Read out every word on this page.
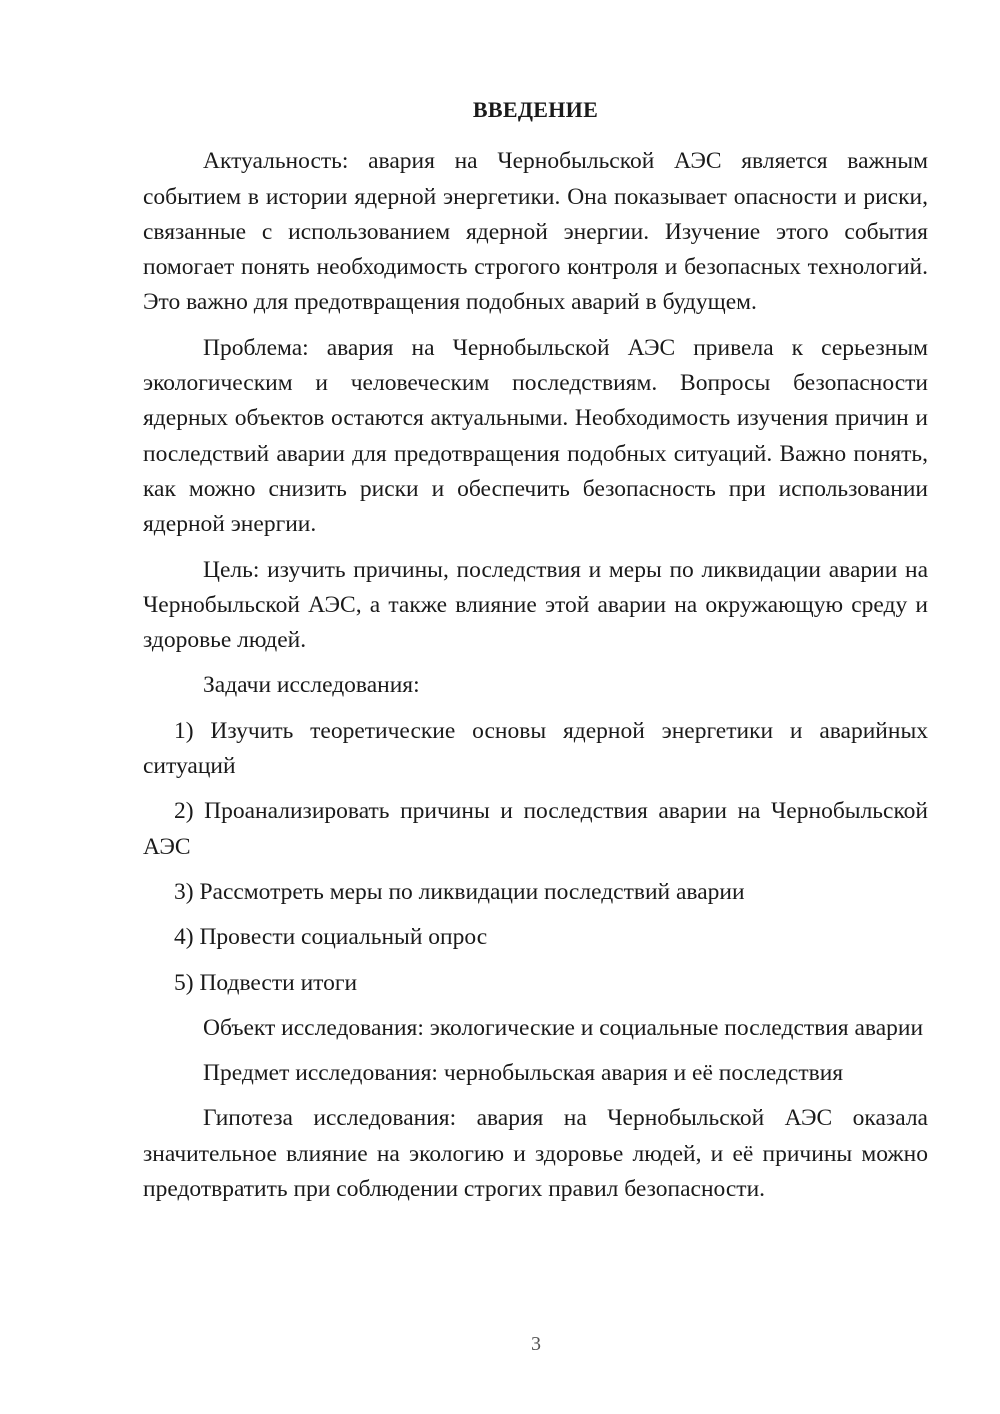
ВВЕДЕНИЕ

Актуальность: авария на Чернобыльской АЭС является важным событием в истории ядерной энергетики. Она показывает опасности и риски, связанные с использованием ядерной энергии. Изучение этого события помогает понять необходимость строгого контроля и безопасных технологий. Это важно для предотвращения подобных аварий в будущем.

Проблема: авария на Чернобыльской АЭС привела к серьезным экологическим и человеческим последствиям. Вопросы безопасности ядерных объектов остаются актуальными. Необходимость изучения причин и последствий аварии для предотвращения подобных ситуаций. Важно понять, как можно снизить риски и обеспечить безопасность при использовании ядерной энергии.

Цель: изучить причины, последствия и меры по ликвидации аварии на Чернобыльской АЭС, а также влияние этой аварии на окружающую среду и здоровье людей.

Задачи исследования:

1) Изучить теоретические основы ядерной энергетики и аварийных ситуаций

2) Проанализировать причины и последствия аварии на Чернобыльской АЭС

3) Рассмотреть меры по ликвидации последствий аварии

4) Провести социальный опрос

5) Подвести итоги

Объект исследования: экологические и социальные последствия аварии

Предмет исследования: чернобыльская авария и её последствия

Гипотеза исследования: авария на Чернобыльской АЭС оказала значительное влияние на экологию и здоровье людей, и её причины можно предотвратить при соблюдении строгих правил безопасности.

3
